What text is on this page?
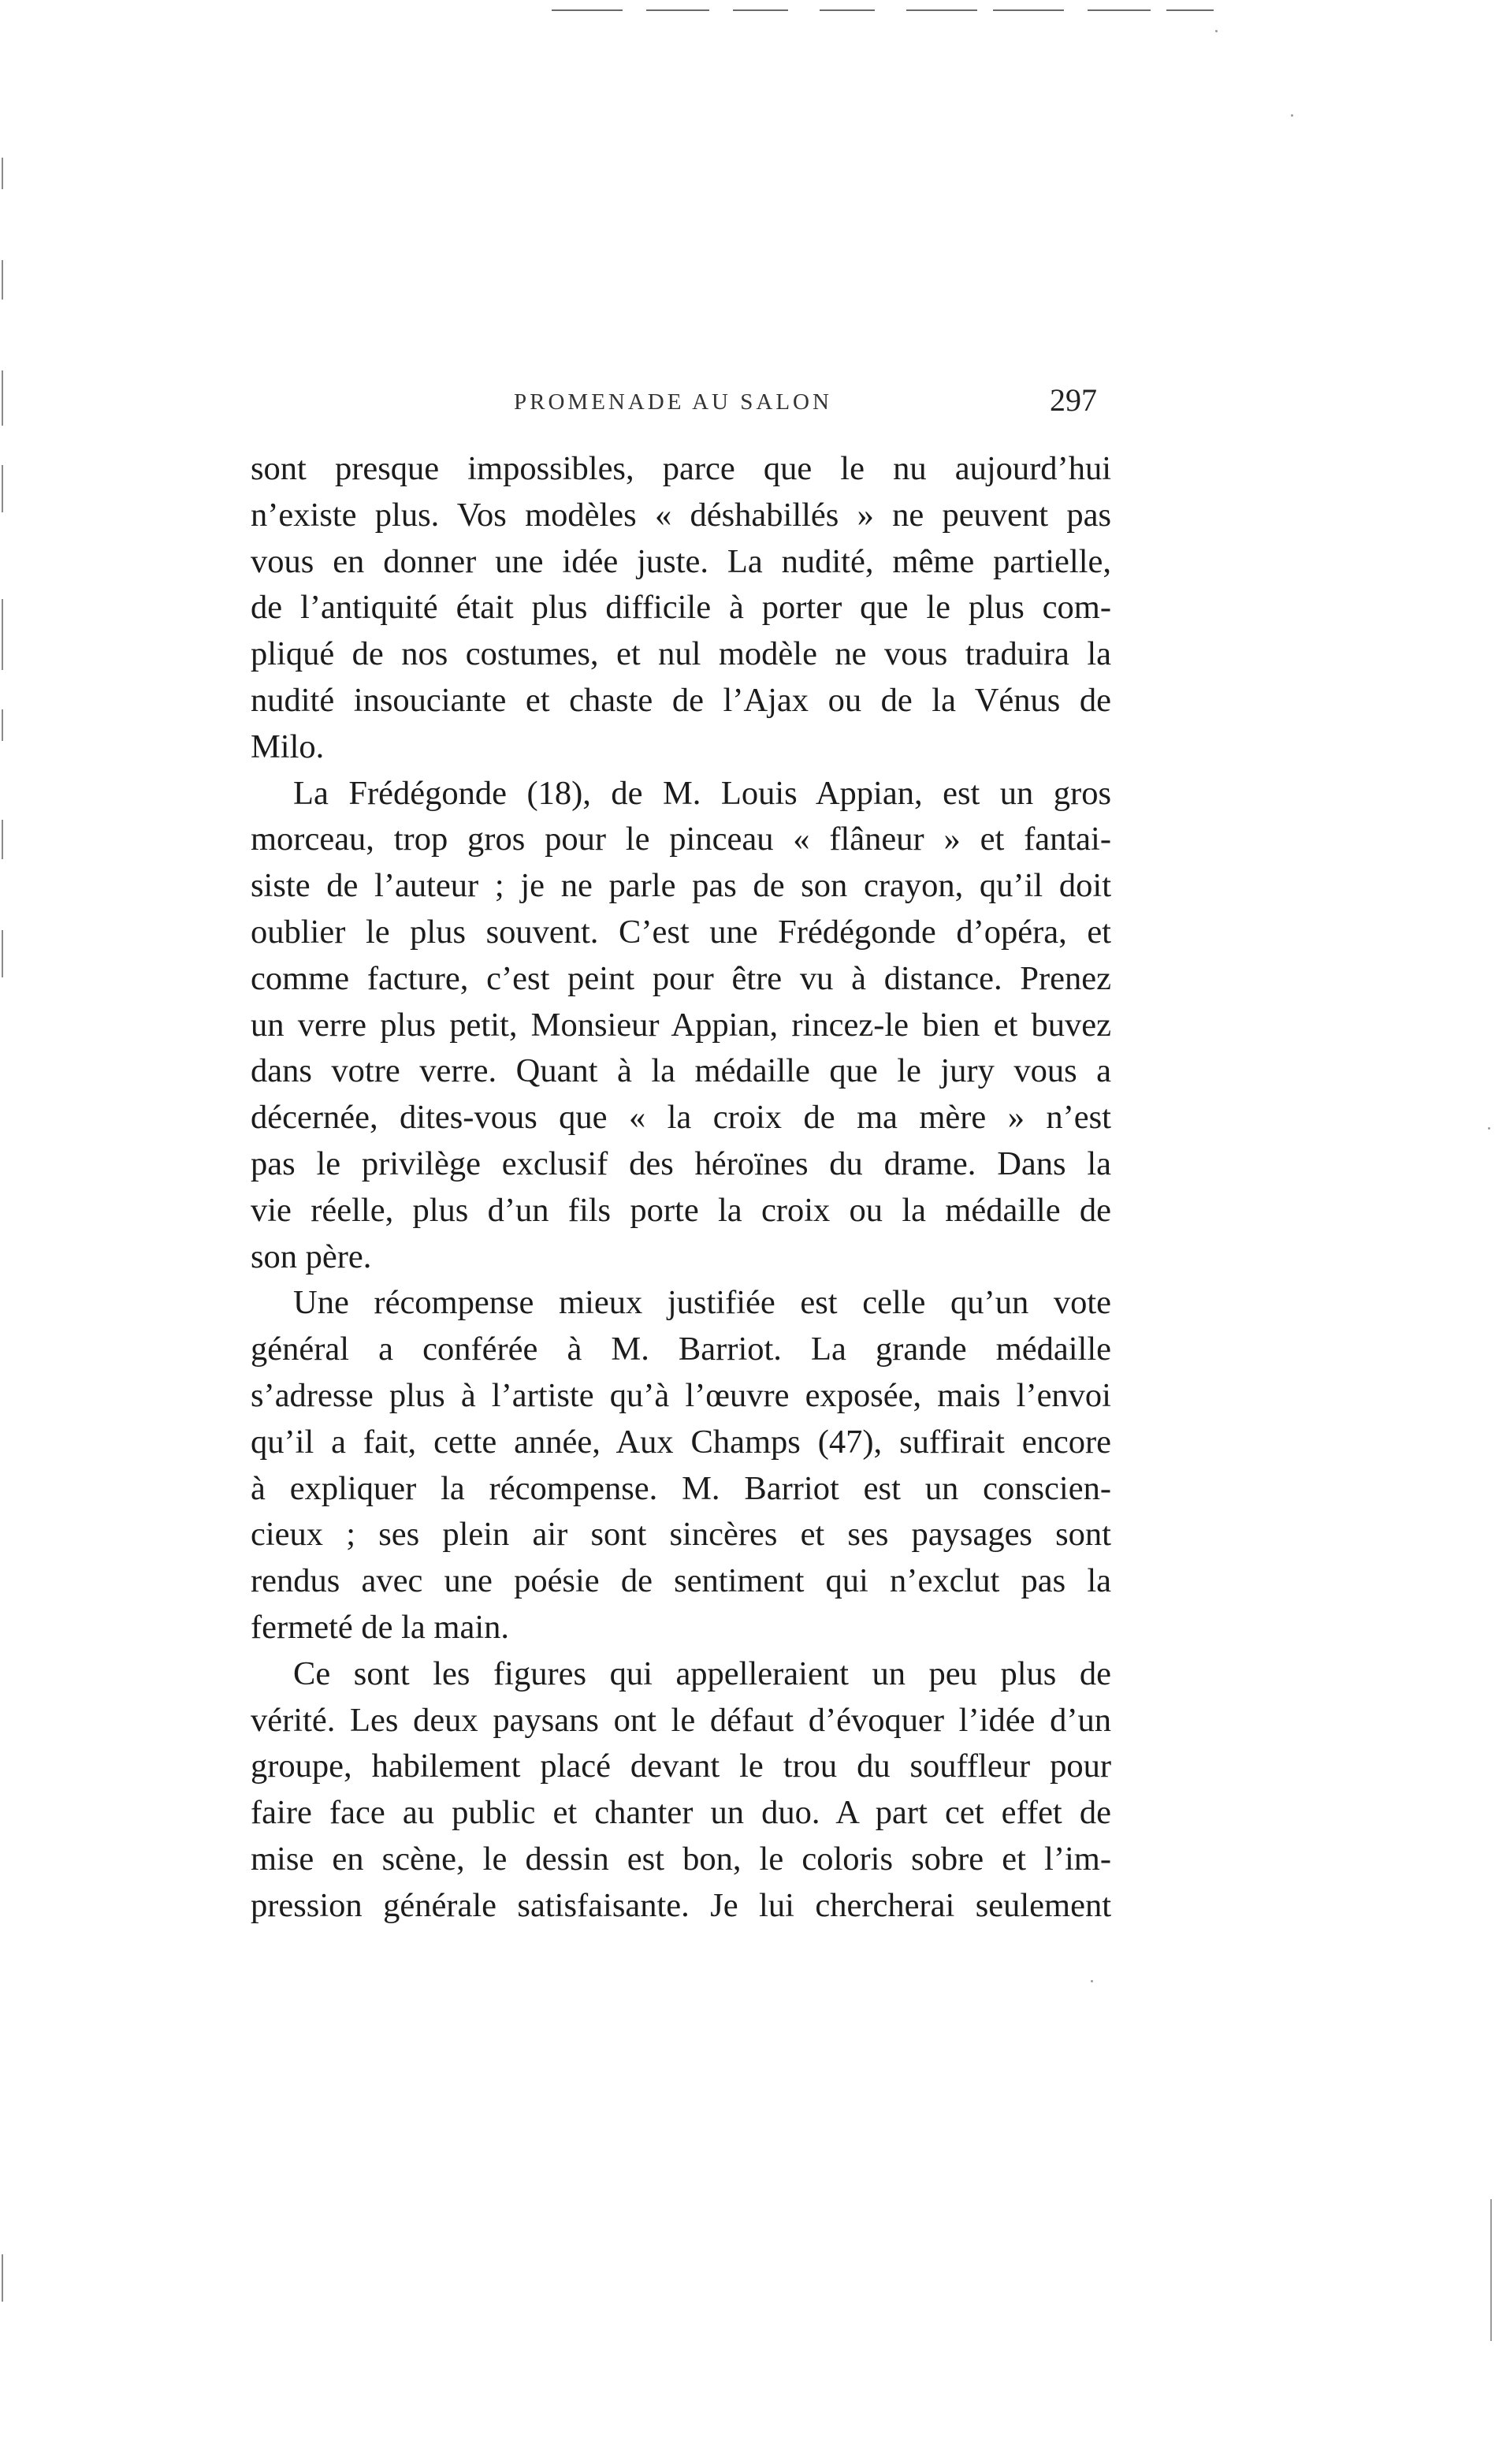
PROMENADE AU SALON	297
sont presque impossibles, parce que le nu aujourd’hui
n’existe plus. Vos modèles « déshabillés » ne peuvent pas
vous en donner une idée juste. La nudité, même partielle,
de l’antiquité était plus difficile à porter que le plus com-
pliqué de nos costumes, et nul modèle ne vous traduira la
nudité insouciante et chaste de l’Ajax ou de la Vénus de
Milo.
La Frédégonde (18), de M. Louis Appian, est un gros
morceau, trop gros pour le pinceau « flâneur » et fantai-
siste de l’auteur ; je ne parle pas de son crayon, qu’il doit
oublier le plus souvent. C’est une Frédégonde d’opéra, et
comme facture, c’est peint pour être vu à distance. Prenez
un verre plus petit, Monsieur Appian, rincez-le bien et buvez
dans votre verre. Quant à la médaille que le jury vous a
décernée, dites-vous que « la croix de ma mère » n’est
pas le privilège exclusif des héroïnes du drame. Dans la
vie réelle, plus d’un fils porte la croix ou la médaille de
son père.
Une récompense mieux justifiée est celle qu’un vote
général a conférée à M. Barriot. La grande médaille
s’adresse plus à l’artiste qu’à l’œuvre exposée, mais l’envoi
qu’il a fait, cette année, Aux Champs (47), suffirait encore
à expliquer la récompense. M. Barriot est un conscien-
cieux ; ses plein air sont sincères et ses paysages sont
rendus avec une poésie de sentiment qui n’exclut pas la
fermeté de la main.
Ce sont les figures qui appelleraient un peu plus de
vérité. Les deux paysans ont le défaut d’évoquer l’idée d’un
groupe, habilement placé devant le trou du souffleur pour
faire face au public et chanter un duo. A part cet effet de
mise en scène, le dessin est bon, le coloris sobre et l’im-
pression générale satisfaisante. Je lui chercherai seulement
